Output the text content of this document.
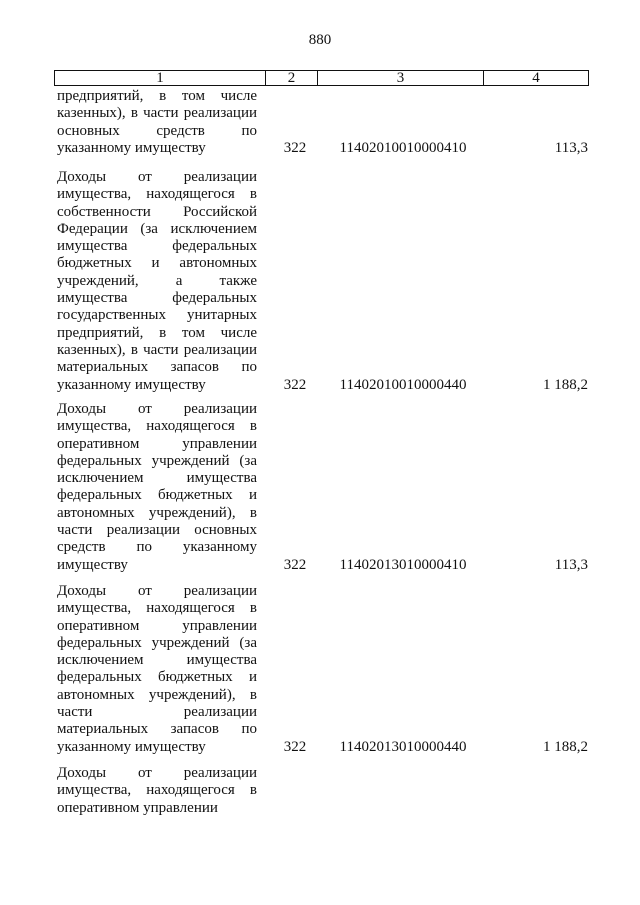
880
1	2	3	4
предприятий, в том числе
казенных), в части реализации
основных средств по
указанному имуществу	322	11402010010000410	113,3
Доходы от реализации
имущества, находящегося в
собственности Российской
Федерации (за исключением
имущества федеральных
бюджетных и автономных
учреждений, а также
имущества федеральных
государственных унитарных
предприятий, в том числе
казенных), в части реализации
материальных запасов по
указанному имуществу	322	11402010010000440	1 188,2
Доходы от реализации
имущества, находящегося в
оперативном управлении
федеральных учреждений (за
исключением имущества
федеральных бюджетных и
автономных учреждений), в
части реализации основных
средств по указанному
имуществу	322	11402013010000410	113,3
Доходы от реализации
имущества, находящегося в
оперативном управлении
федеральных учреждений (за
исключением имущества
федеральных бюджетных и
автономных учреждений), в
части реализации
материальных запасов по
указанному имуществу	322	11402013010000440	1 188,2
Доходы от реализации
имущества, находящегося в
оперативном управлении
